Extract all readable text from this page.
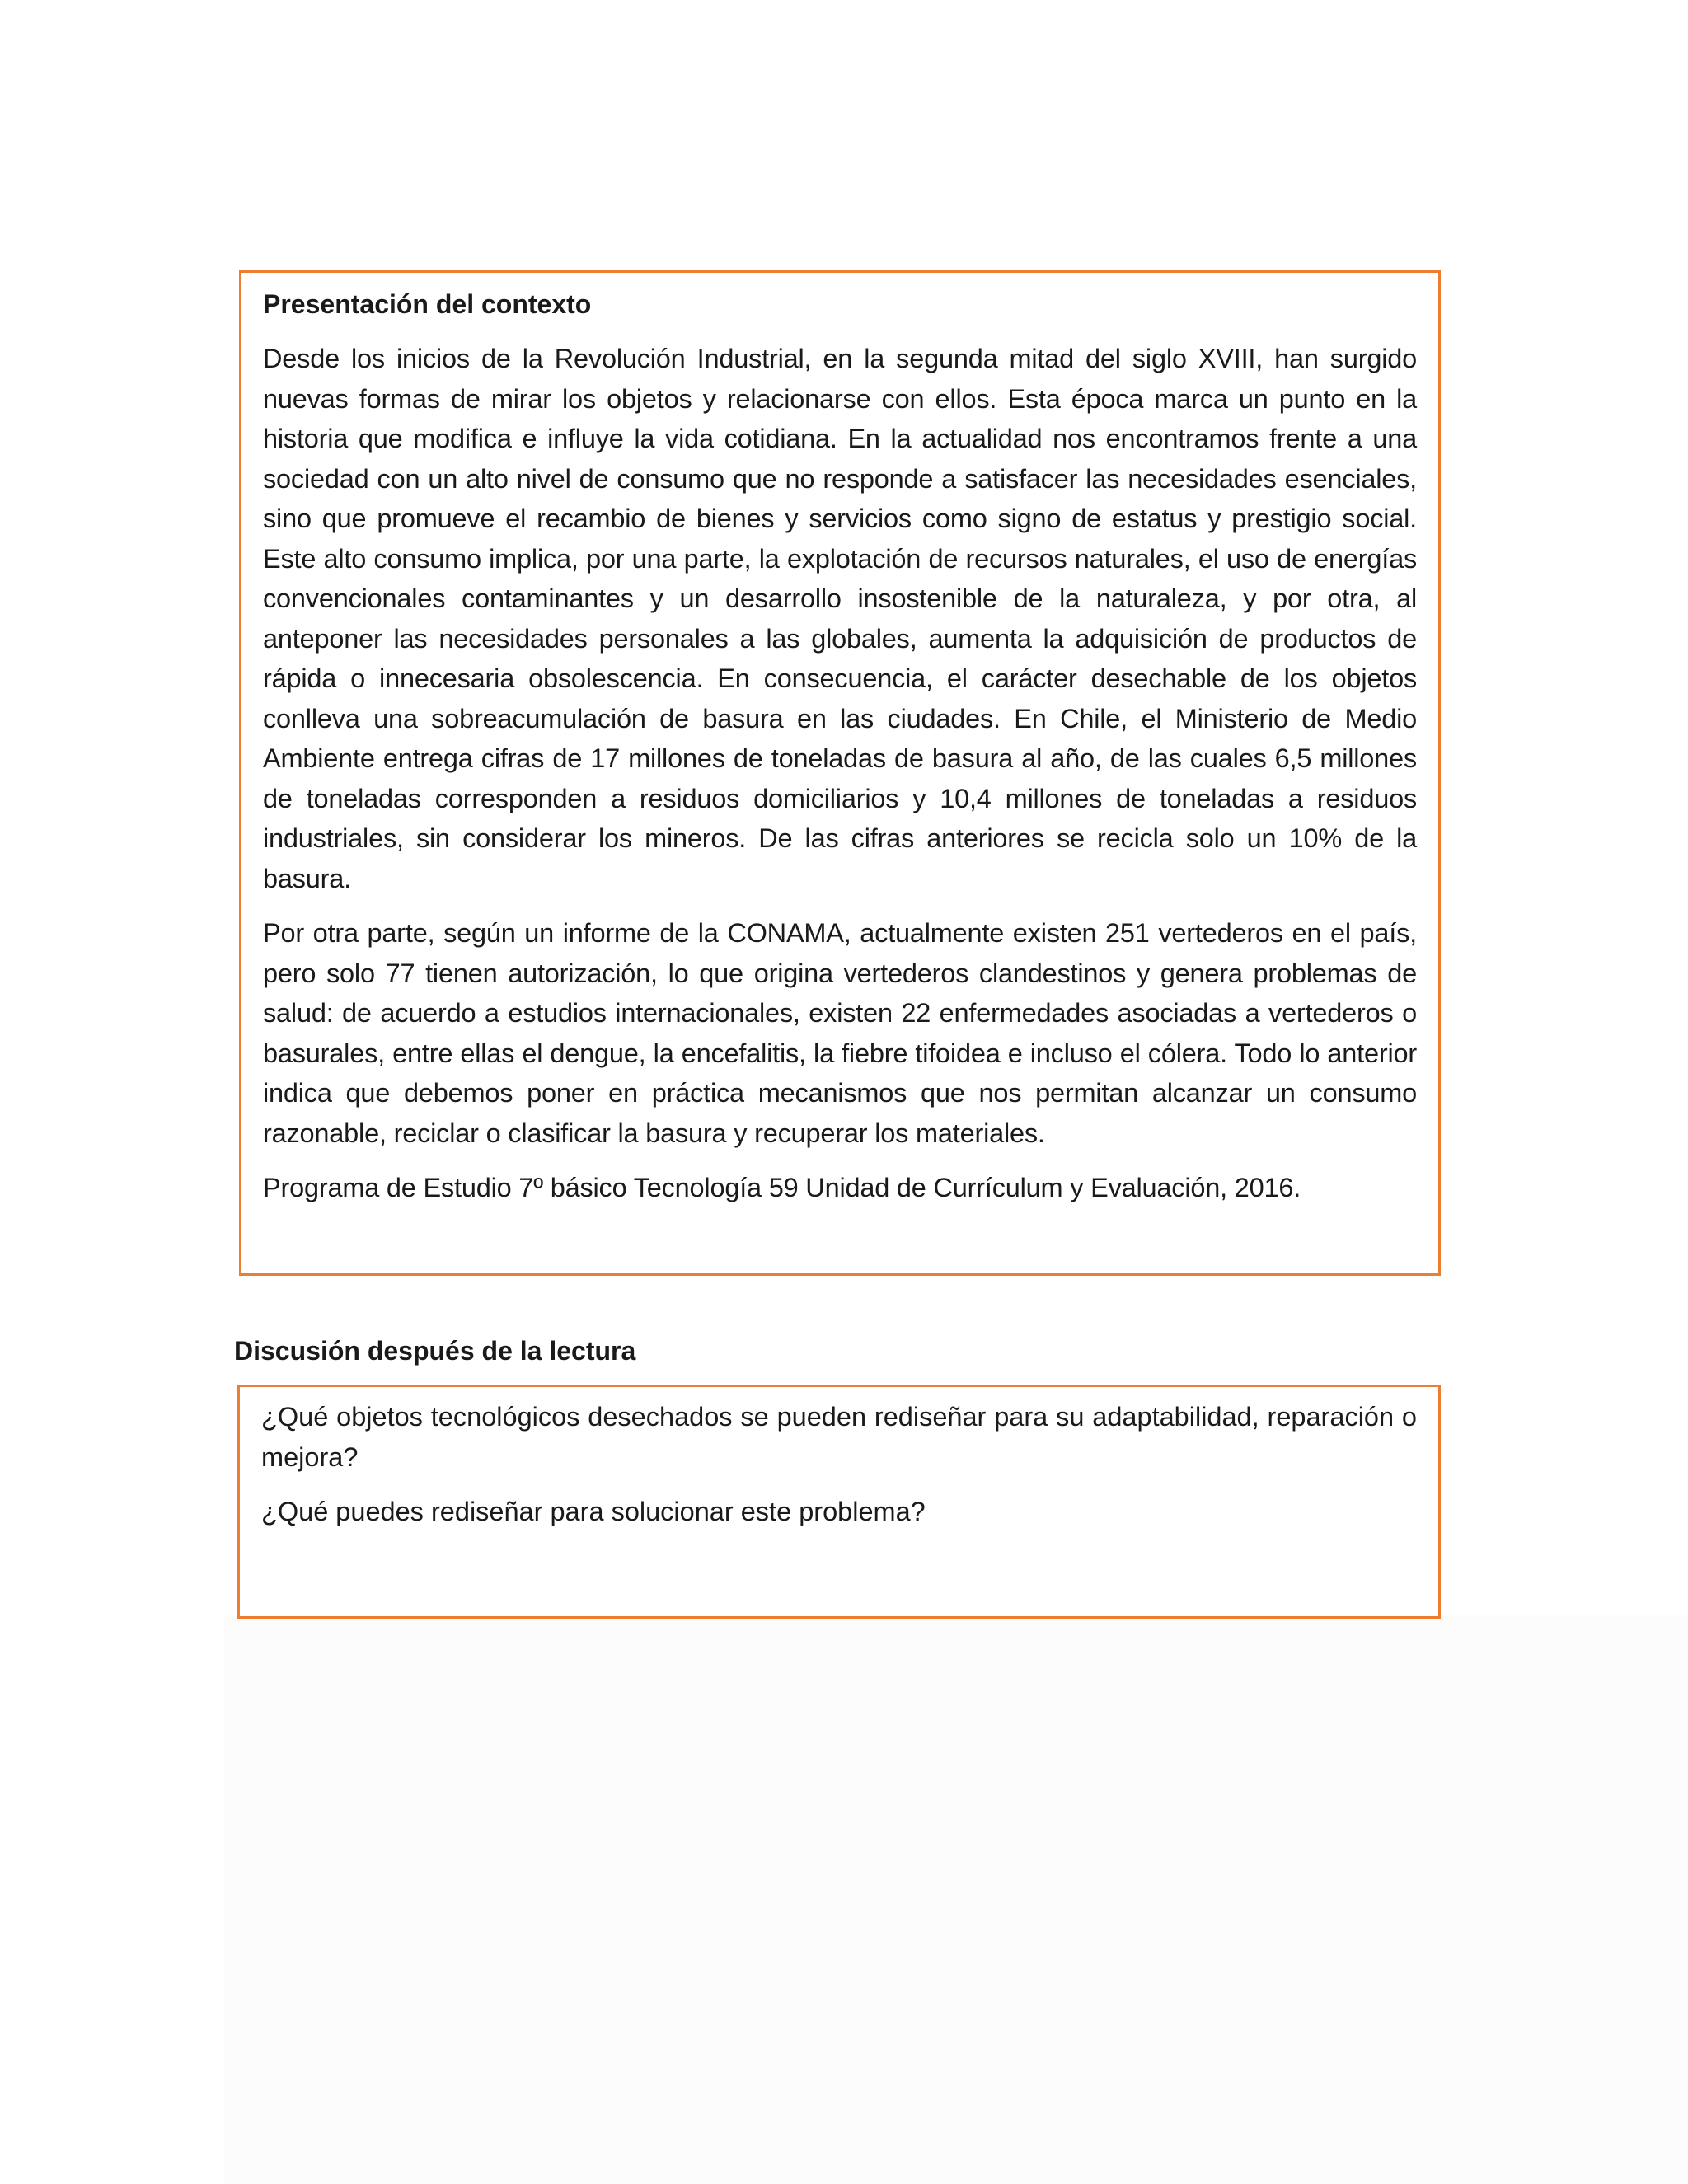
Presentación del contexto

Desde los inicios de la Revolución Industrial, en la segunda mitad del siglo XVIII, han surgido nuevas formas de mirar los objetos y relacionarse con ellos. Esta época marca un punto en la historia que modifica e influye la vida cotidiana. En la actualidad nos encontramos frente a una sociedad con un alto nivel de consumo que no responde a satisfacer las necesidades esenciales, sino que promueve el recambio de bienes y servicios como signo de estatus y prestigio social. Este alto consumo implica, por una parte, la explotación de recursos naturales, el uso de energías convencionales contaminantes y un desarrollo insostenible de la naturaleza, y por otra, al anteponer las necesidades personales a las globales, aumenta la adquisición de productos de rápida o innecesaria obsolescencia. En consecuencia, el carácter desechable de los objetos conlleva una sobreacumulación de basura en las ciudades. En Chile, el Ministerio de Medio Ambiente entrega cifras de 17 millones de toneladas de basura al año, de las cuales 6,5 millones de toneladas corresponden a residuos domiciliarios y 10,4 millones de toneladas a residuos industriales, sin considerar los mineros. De las cifras anteriores se recicla solo un 10% de la basura.

Por otra parte, según un informe de la CONAMA, actualmente existen 251 vertederos en el país, pero solo 77 tienen autorización, lo que origina vertederos clandestinos y genera problemas de salud: de acuerdo a estudios internacionales, existen 22 enfermedades asociadas a vertederos o basurales, entre ellas el dengue, la encefalitis, la fiebre tifoidea e incluso el cólera. Todo lo anterior indica que debemos poner en práctica mecanismos que nos permitan alcanzar un consumo razonable, reciclar o clasificar la basura y recuperar los materiales.

Programa de Estudio 7º básico Tecnología 59 Unidad de Currículum y Evaluación, 2016.

Discusión después de la lectura

¿Qué objetos tecnológicos desechados se pueden rediseñar para su adaptabilidad, reparación o mejora?

¿Qué puedes rediseñar para solucionar este problema?
